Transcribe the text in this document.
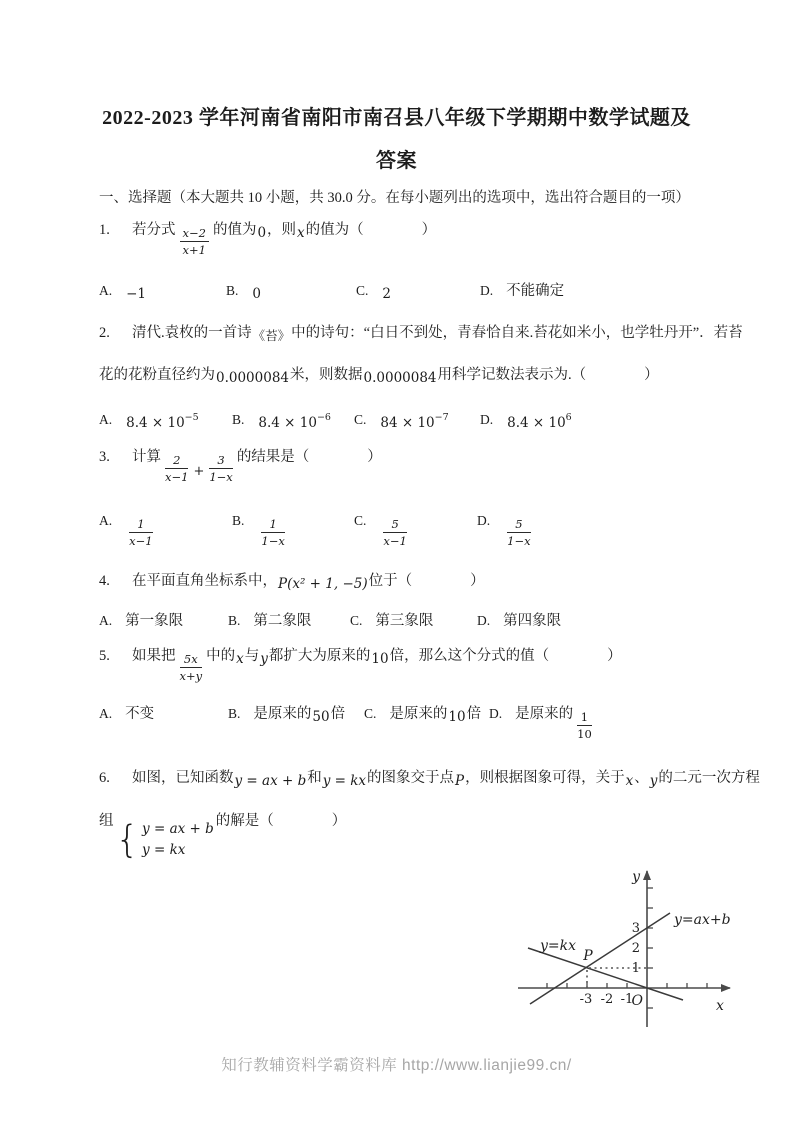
2022-2023 学年河南省南阳市南召县八年级下学期期中数学试题及
答案
一、选择题（本大题共 10 小题，共 30.0 分。在每小题列出的选项中，选出符合题目的一项）
1. 若分式 $\frac{x-2}{x+1}$ 的值为0，则x的值为（　　　　）
A. −1	B. 0	C. 2	D. 不能确定
2. 清代.袁枚的一首诗《苔》中的诗句：“白日不到处，青春恰自来.苔花如米小，也学牡丹开”．若苔
花的花粉直径约为0.0000084米，则数据0.0000084用科学记数法表示为.（　　　　）
A. $8.4 \times 10^{-5}$ B. $8.4 \times 10^{-6}$ C. $84 \times 10^{-7}$ D. $8.4 \times 10^6$
3. 计算 $\frac{2}{x-1} + \frac{3}{1-x}$ 的结果是（　　　　）
A. $\frac{1}{x-1}$	B. $\frac{1}{1-x}$	C. $\frac{5}{x-1}$	D. $\frac{5}{1-x}$
4. 在平面直角坐标系中，P(x² + 1, −5)位于（　　　　）
A. 第一象限	B. 第二象限	C. 第三象限	D. 第四象限
5. 如果把 $\frac{5x}{x+y}$ 中的x与y都扩大为原来的10倍，那么这个分式的值（　　　　）
A. 不变	B. 是原来的50倍 C. 是原来的10倍 D. 是原来的 $\frac{1}{10}$
6. 如图，已知函数y = ax + b和y = kx的图象交于点P，则根据图象可得，关于x、y的二元一次方程
组 { y = ax + b
y = kx
的解是（　　　　）
y
x
O
P
y=ax+b
y=kx
3
2
1
-3 -2 -1
知行教辅资料学霸资料库 http://www.lianjie99.cn/
